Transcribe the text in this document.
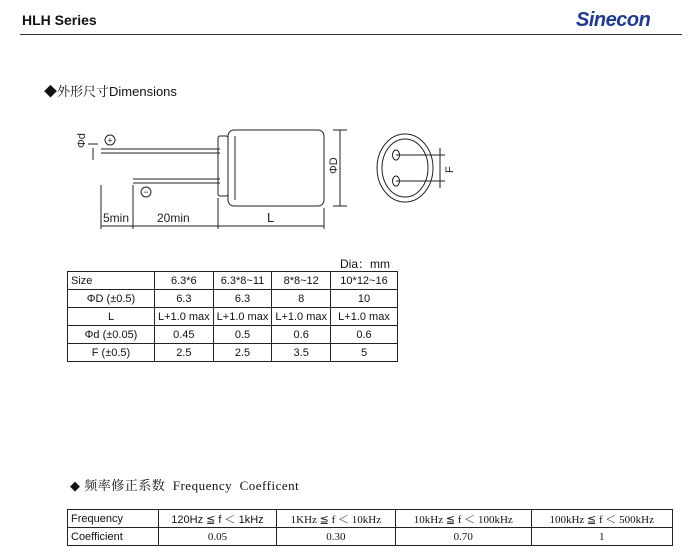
HLH Series	Sinecon
◆外形尺寸Dimensions
Φd +
−
ΦD
5min 20min	L
F
Dia：mm
Size	6.3*6	6.3*8~11	8*8~12	10*12~16
ΦD (±0.5)	6.3	6.3	8	10
L	L+1.0 max	L+1.0 max	L+1.0 max	L+1.0 max
Φd (±0.05)	0.45	0.5	0.6	0.6
F (±0.5)	2.5	2.5	3.5	5
◆ 频率修正系数  Frequency  Coefficent
Frequency	120Hz ≦ f ＜ 1kHz	1KHz ≦ f ＜ 10kHz	10kHz ≦ f ＜ 100kHz	100kHz ≦ f ＜ 500kHz
Coefficient	0.05	0.30	0.70	1
